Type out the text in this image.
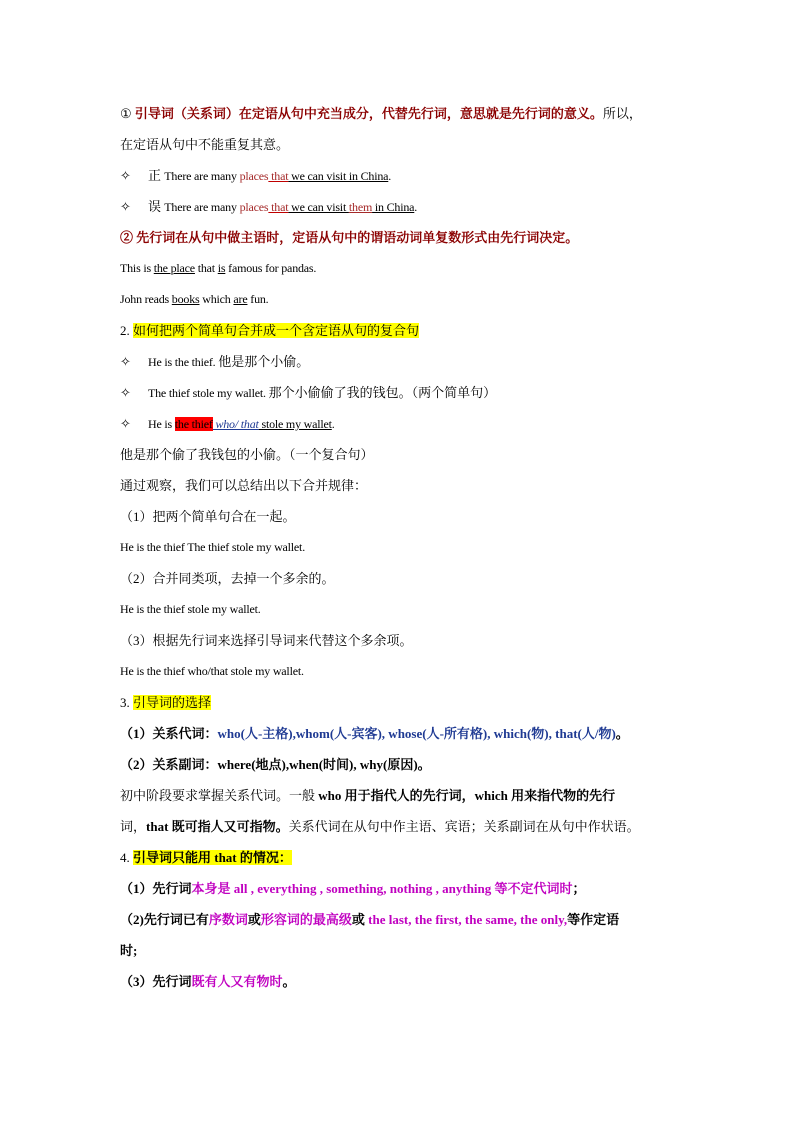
① 引导词（关系词）在定语从句中充当成分，代替先行词，意思就是先行词的意义。所以，
在定语从句中不能重复其意。
✧ 正 There are many places that we can visit in China.
✧ 误 There are many places that we can visit them in China.
② 先行词在从句中做主语时，定语从句中的谓语动词单复数形式由先行词决定。
This is the place that is famous for pandas.
John reads books which are fun.
2. 如何把两个简单句合并成一个含定语从句的复合句
✧ He is the thief. 他是那个小偷。
✧ The thief stole my wallet. 那个小偷偷了我的钱包。（两个简单句）
✧ He is the thief who/ that stole my wallet.
他是那个偷了我钱包的小偷。（一个复合句）
通过观察，我们可以总结出以下合并规律：
（1）把两个简单句合在一起。
He is the thief The thief stole my wallet.
（2）合并同类项，去掉一个多余的。
He is the thief stole my wallet.
（3）根据先行词来选择引导词来代替这个多余项。
He is the thief who/that stole my wallet.
3. 引导词的选择
（1）关系代词：who(人-主格),whom(人-宾客), whose(人-所有格), which(物), that(人/物)。
（2）关系副词：where(地点),when(时间), why(原因)。
初中阶段要求掌握关系代词。一般 who 用于指代人的先行词，which 用来指代物的先行
词，that 既可指人又可指物。关系代词在从句中作主语、宾语；关系副词在从句中作状语。
4. 引导词只能用 that 的情况：
（1）先行词本身是 all , everything , something, nothing , anything 等不定代词时；
（2)先行词已有序数词或形容词的最高级或 the last, the first, the same, the only,等作定语
时;
（3）先行词既有人又有物时。
